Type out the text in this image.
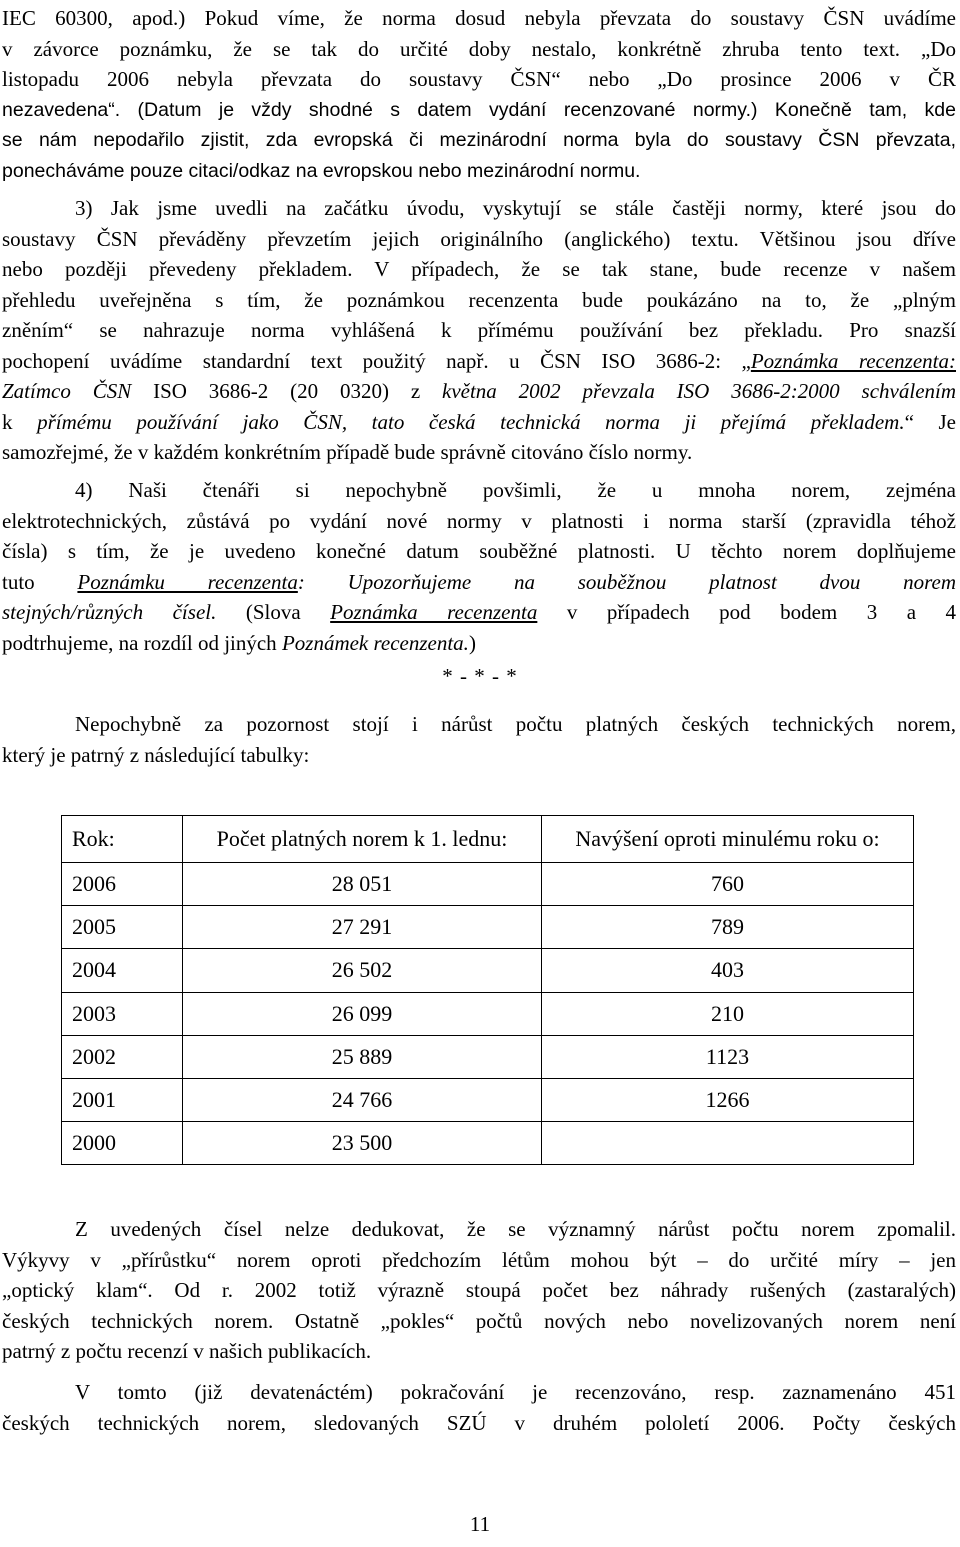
IEC 60300, apod.) Pokud víme, že norma dosud nebyla převzata do soustavy ČSN uvádíme
v závorce poznámku, že se tak do určité doby nestalo, konkrétně zhruba tento text. „Do
listopadu 2006 nebyla převzata do soustavy ČSN“ nebo „Do prosince 2006 v ČR
nezavedena“. (Datum je vždy shodné s datem vydání recenzované normy.) Konečně tam, kde
se nám nepodařilo zjistit, zda evropská či mezinárodní norma byla do soustavy ČSN převzata,
ponecháváme pouze citaci/odkaz na evropskou nebo mezinárodní normu.
3) Jak jsme uvedli na začátku úvodu, vyskytují se stále častěji normy, které jsou do
soustavy ČSN převáděny převzetím jejich originálního (anglického) textu. Většinou jsou dříve
nebo později převedeny překladem. V případech, že se tak stane, bude recenze v našem
přehledu uveřejněna s tím, že poznámkou recenzenta bude poukázáno na to, že „plným
zněním“ se nahrazuje norma vyhlášená k přímému používání bez překladu. Pro snazší
pochopení uvádíme standardní text použitý např. u ČSN ISO 3686-2: „Poznámka recenzenta:
Zatímco ČSN ISO 3686-2 (20 0320) z května 2002 převzala ISO 3686-2:2000 schválením
k přímému používání jako ČSN, tato česká technická norma ji přejímá překladem.“ Je
samozřejmé, že v každém konkrétním případě bude správně citováno číslo normy.
4) Naši čtenáři si nepochybně povšimli, že u mnoha norem, zejména
elektrotechnických, zůstává po vydání nové normy v platnosti i norma starší (zpravidla téhož
čísla) s tím, že je uvedeno konečné datum souběžné platnosti. U těchto norem doplňujeme
tuto Poznámku recenzenta: Upozorňujeme na souběžnou platnost dvou norem
stejných/různých čísel. (Slova Poznámka recenzenta v případech pod bodem 3 a 4
podtrhujeme, na rozdíl od jiných Poznámek recenzenta.)
* - * - *
Nepochybně za pozornost stojí i nárůst počtu platných českých technických norem,
který je patrný z následující tabulky:
Rok:	Počet platných norem k 1. lednu:	Navýšení oproti minulému roku o:
2006	28 051	760
2005	27 291	789
2004	26 502	403
2003	26 099	210
2002	25 889	1123
2001	24 766	1266
2000	23 500	
Z uvedených čísel nelze dedukovat, že se významný nárůst počtu norem zpomalil.
Výkyvy v „přírůstku“ norem oproti předchozím létům mohou být – do určité míry – jen
„optický klam“. Od r. 2002 totiž výrazně stoupá počet bez náhrady rušených (zastaralých)
českých technických norem. Ostatně „pokles“ počtů nových nebo novelizovaných norem není
patrný z počtu recenzí v našich publikacích.
V tomto (již devatenáctém) pokračování je recenzováno, resp. zaznamenáno 451
českých technických norem, sledovaných SZÚ v druhém pololetí 2006. Počty českých
11
